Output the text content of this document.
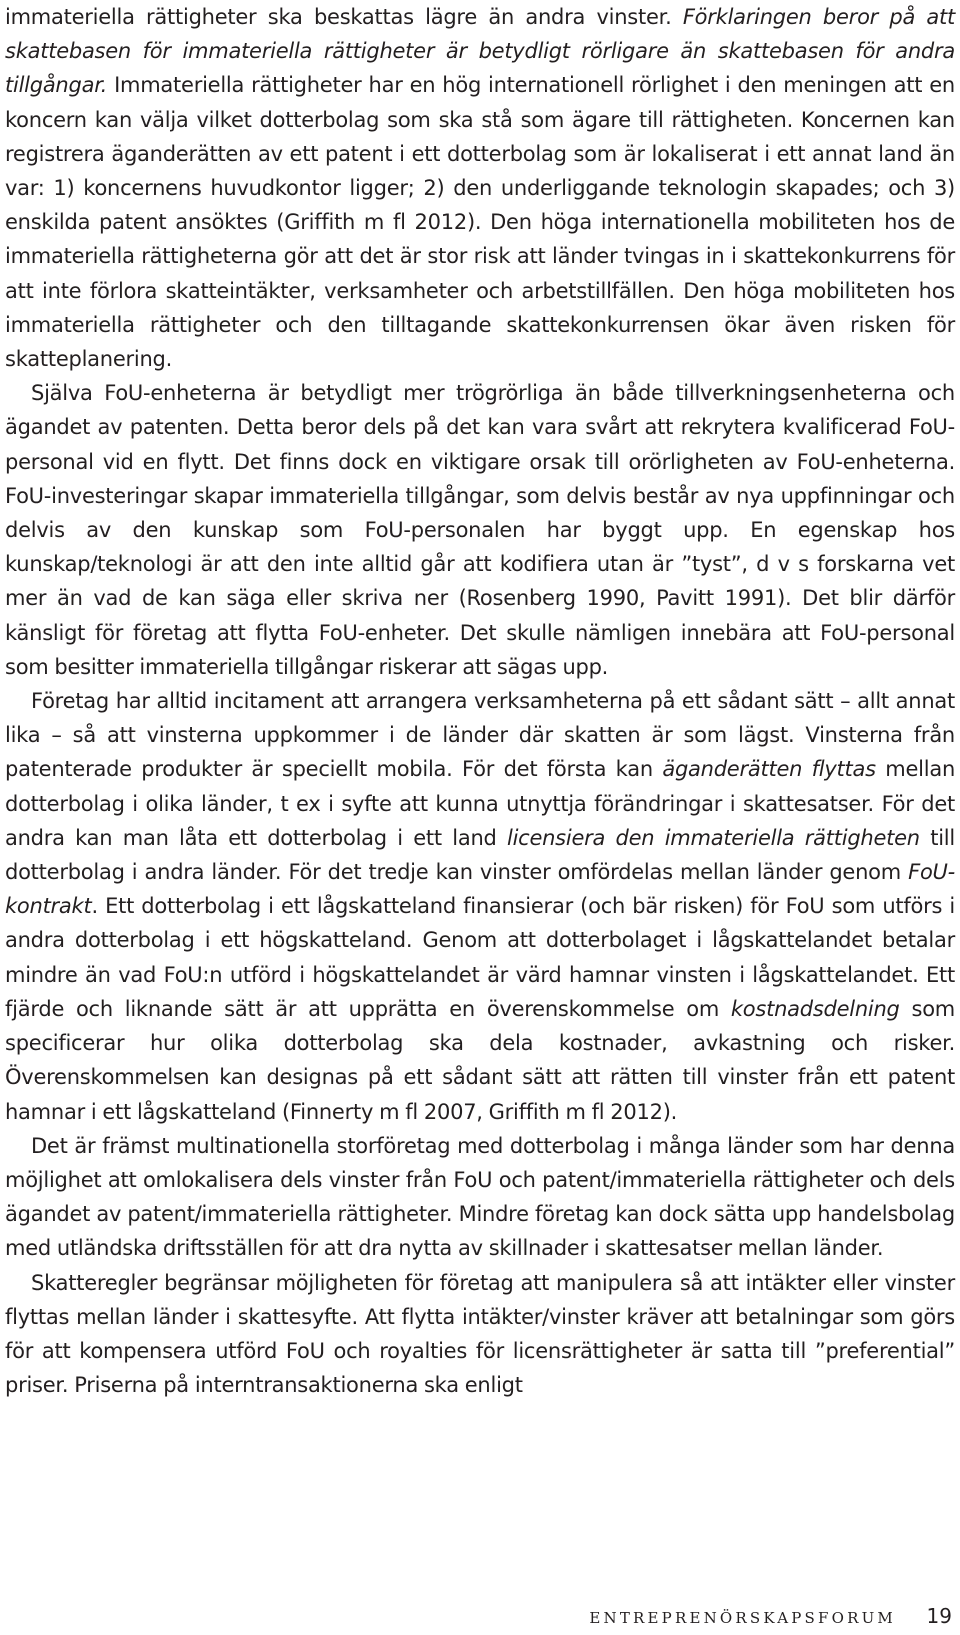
immateriella rättigheter ska beskattas lägre än andra vinster. Förklaringen beror på att skattebasen för immateriella rättigheter är betydligt rörligare än skattebasen för andra tillgångar. Immateriella rättigheter har en hög internationell rörlighet i den meningen att en koncern kan välja vilket dotterbolag som ska stå som ägare till rättigheten. Koncernen kan registrera äganderätten av ett patent i ett dotterbolag som är lokaliserat i ett annat land än var: 1) koncernens huvudkontor ligger; 2) den underliggande teknologin skapades; och 3) enskilda patent ansöktes (Griffith m fl 2012). Den höga internationella mobiliteten hos de immateriella rättigheterna gör att det är stor risk att länder tvingas in i skattekonkurrens för att inte förlora skatteintäkter, verksamheter och arbetstillfällen. Den höga mobiliteten hos immateriella rättigheter och den tilltagande skattekonkurrensen ökar även risken för skatteplanering.

Själva FoU-enheterna är betydligt mer trögrörliga än både tillverkningsenheterna och ägandet av patenten. Detta beror dels på det kan vara svårt att rekrytera kvalificerad FoU-personal vid en flytt. Det finns dock en viktigare orsak till orörligheten av FoU-enheterna. FoU-investeringar skapar immateriella tillgångar, som delvis består av nya uppfinningar och delvis av den kunskap som FoU-personalen har byggt upp. En egenskap hos kunskap/teknologi är att den inte alltid går att kodifiera utan är ”tyst”, d v s forskarna vet mer än vad de kan säga eller skriva ner (Rosenberg 1990, Pavitt 1991). Det blir därför känsligt för företag att flytta FoU-enheter. Det skulle nämligen innebära att FoU-personal som besitter immateriella tillgångar riskerar att sägas upp.

Företag har alltid incitament att arrangera verksamheterna på ett sådant sätt – allt annat lika – så att vinsterna uppkommer i de länder där skatten är som lägst. Vinsterna från patenterade produkter är speciellt mobila. För det första kan äganderätten flyttas mellan dotterbolag i olika länder, t ex i syfte att kunna utnyttja förändringar i skattesatser. För det andra kan man låta ett dotterbolag i ett land licensiera den immateriella rättigheten till dotterbolag i andra länder. För det tredje kan vinster omfördelas mellan länder genom FoU-kontrakt. Ett dotterbolag i ett lågskatteland finansierar (och bär risken) för FoU som utförs i andra dotterbolag i ett högskatteland. Genom att dotterbolaget i lågskattelandet betalar mindre än vad FoU:n utförd i högskattelandet är värd hamnar vinsten i lågskattelandet. Ett fjärde och liknande sätt är att upprätta en överenskommelse om kostnadsdelning som specificerar hur olika dotterbolag ska dela kostnader, avkastning och risker. Överenskommelsen kan designas på ett sådant sätt att rätten till vinster från ett patent hamnar i ett lågskatteland (Finnerty m fl 2007, Griffith m fl 2012).

Det är främst multinationella storföretag med dotterbolag i många länder som har denna möjlighet att omlokalisera dels vinster från FoU och patent/immateriella rättigheter och dels ägandet av patent/immateriella rättigheter. Mindre företag kan dock sätta upp handelsbolag med utländska driftsställen för att dra nytta av skillnader i skattesatser mellan länder.

Skatteregler begränsar möjligheten för företag att manipulera så att intäkter eller vinster flyttas mellan länder i skattesyfte. Att flytta intäkter/vinster kräver att betalningar som görs för att kompensera utförd FoU och royalties för licensrättigheter är satta till ”preferential” priser. Priserna på interntransaktionerna ska enligt

ENTREPRENÖRSKAPSFORUM 19
